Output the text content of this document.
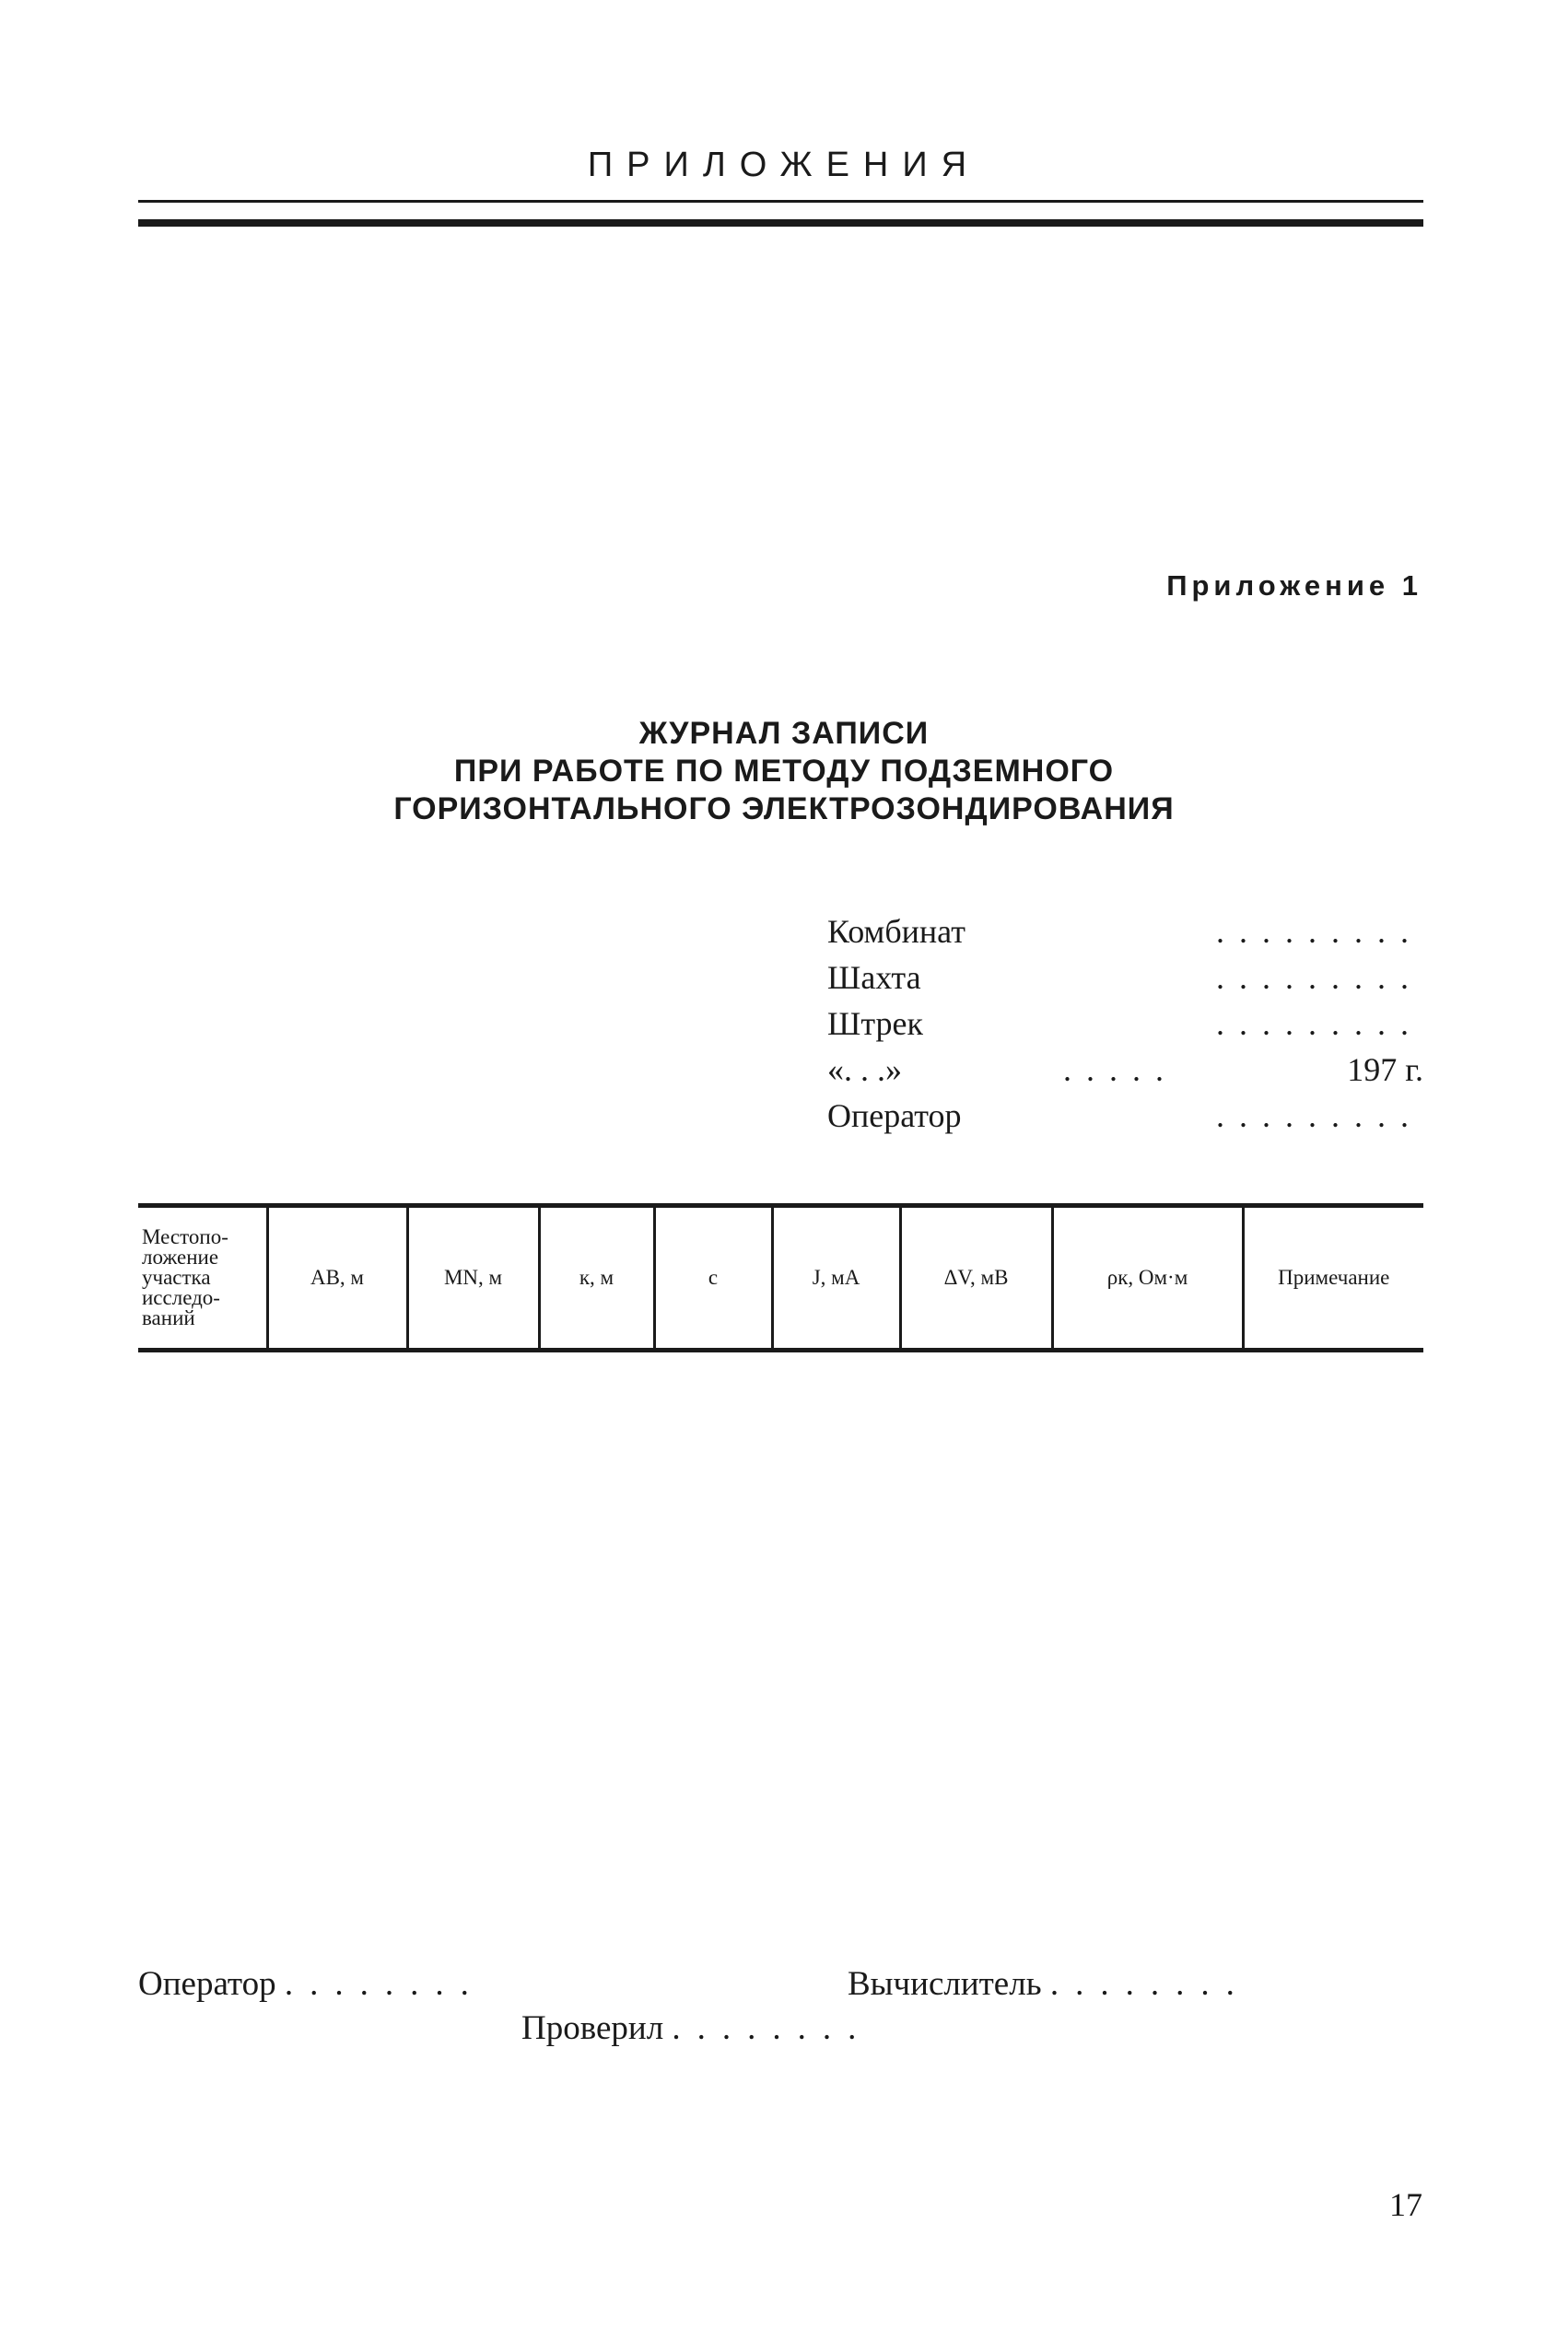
ПРИЛОЖЕНИЯ
Приложение 1
ЖУРНАЛ ЗАПИСИ
ПРИ РАБОТЕ ПО МЕТОДУ ПОДЗЕМНОГО
ГОРИЗОНТАЛЬНОГО ЭЛЕКТРОЗОНДИРОВАНИЯ
Комбинат	.........
Шахта	.........
Штрек	.........
«. . .»	.....	197 г.
Оператор	.........
Местопо-ложение участка исследо-ваний	АВ, м	MN, м	к, м	с	J, мА	ΔV, мВ	ρк, Ом·м	Примечание
Оператор ........	Вычислитель ........
Проверил ........
17
